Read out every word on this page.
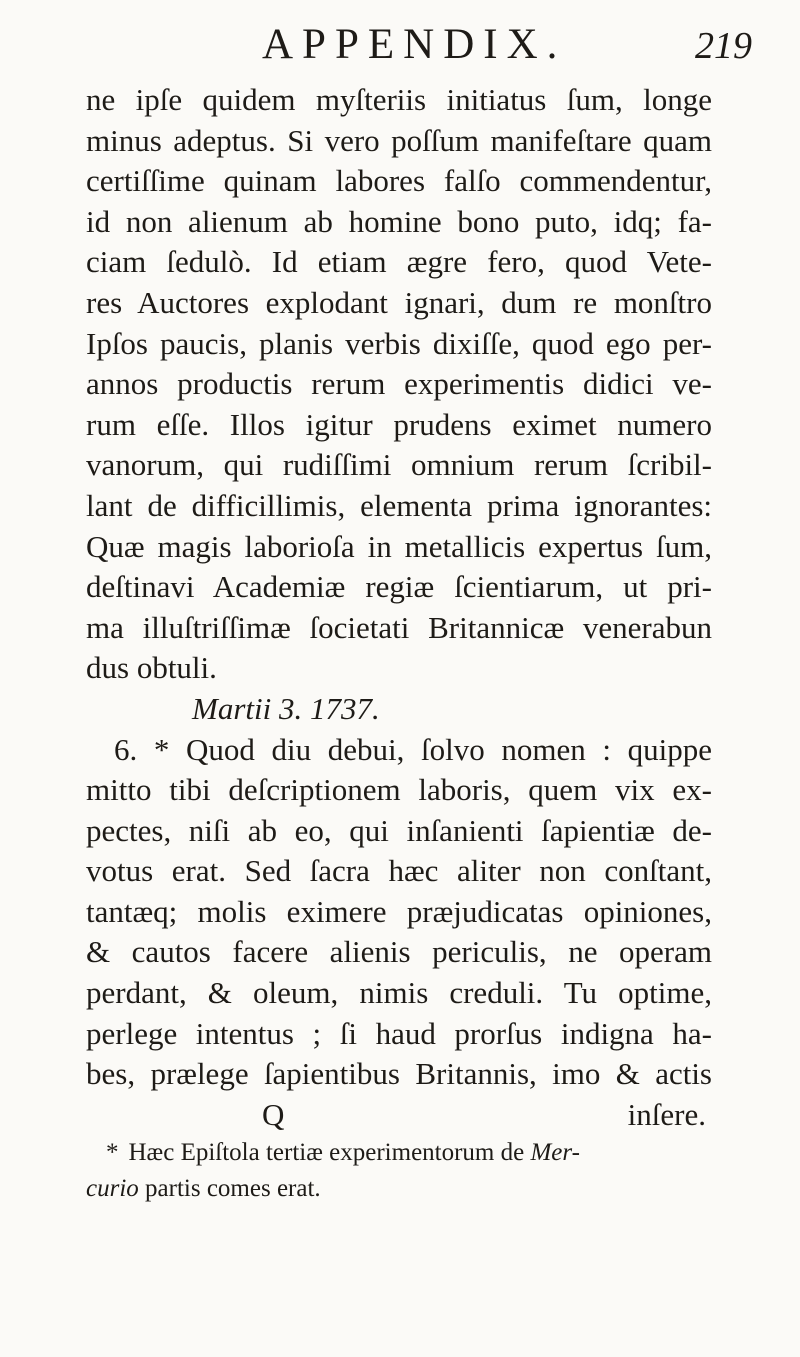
APPENDIX.	219
ne ipſe quidem myſteriis initiatus ſum, longe
minus adeptus. Si vero poſſum manifeſtare quam
certiſſime quinam labores falſo commendentur,
id non alienum ab homine bono puto, idq; fa-
ciam ſedulò. Id etiam ægre fero, quod Vete-
res Auctores explodant ignari, dum re monſtro
Ipſos paucis, planis verbis dixiſſe, quod ego per-
annos productis rerum experimentis didici ve-
rum eſſe. Illos igitur prudens eximet numero
vanorum, qui rudiſſimi omnium rerum ſcribil-
lant de difficillimis, elementa prima ignorantes:
Quæ magis laborioſa in metallicis expertus ſum,
deſtinavi Academiæ regiæ ſcientiarum, ut pri-
ma illuſtriſſimæ ſocietati Britannicæ venerabun
dus obtuli.
Martii 3. 1737.
6. * Quod diu debui, ſolvo nomen : quippe
mitto tibi deſcriptionem laboris, quem vix ex-
pectes, niſi ab eo, qui inſanienti ſapientiæ de-
votus erat. Sed ſacra hæc aliter non conſtant,
tantæq; molis eximere præjudicatas opiniones,
& cautos facere alienis periculis, ne operam
perdant, & oleum, nimis creduli. Tu optime,
perlege intentus ; ſi haud prorſus indigna ha-
bes, prælege ſapientibus Britannis, imo & actis
Q	inſere.
* Hæc Epiſtola tertiæ experimentorum de Mer-
curio partis comes erat.
